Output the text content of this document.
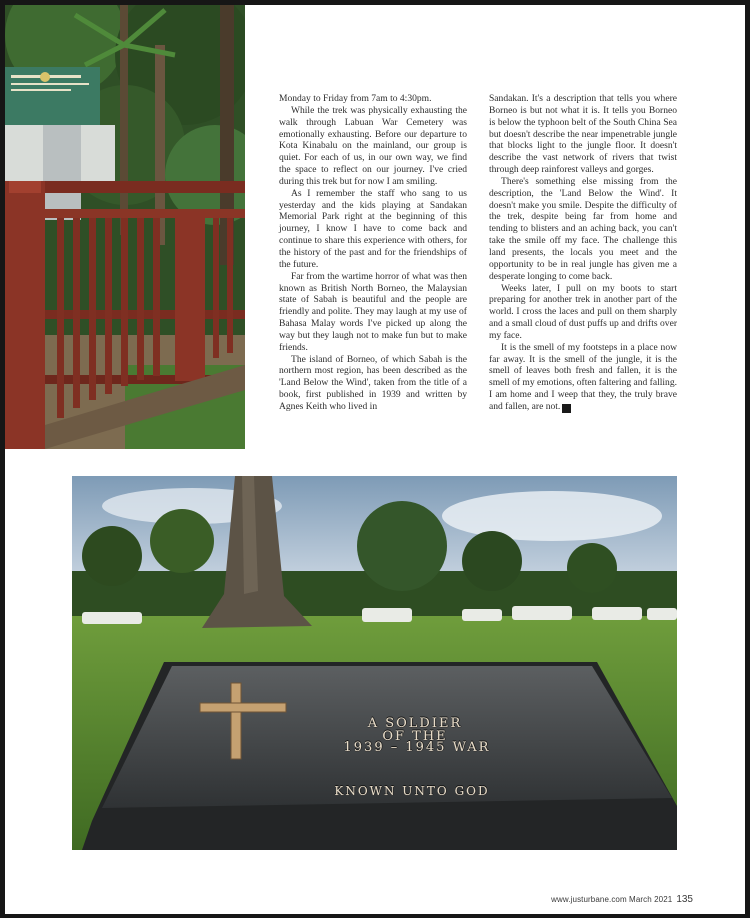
Monday to Friday from 7am to 4:30pm.

While the trek was physically exhausting the walk through Labuan War Cemetery was emotionally exhausting. Before our departure to Kota Kinabalu on the mainland, our group is quiet. For each of us, in our own way, we find the space to reflect on our journey. I've cried during this trek but for now I am smiling.

As I remember the staff who sang to us yesterday and the kids playing at Sandakan Memorial Park right at the beginning of this journey, I know I have to come back and continue to share this experience with others, for the history of the past and for the friendships of the future.

Far from the wartime horror of what was then known as British North Borneo, the Malaysian state of Sabah is beautiful and the people are friendly and polite. They may laugh at my use of Bahasa Malay words I've picked up along the way but they laugh not to make fun but to make friends.

The island of Borneo, of which Sabah is the northern most region, has been described as the 'Land Below the Wind', taken from the title of a book, first published in 1939 and written by Agnes Keith who lived in

Sandakan. It's a description that tells you where Borneo is but not what it is. It tells you Borneo is below the typhoon belt of the South China Sea but doesn't describe the near impenetrable jungle that blocks light to the jungle floor. It doesn't describe the vast network of rivers that twist through deep rainforest valleys and gorges.

There's something else missing from the description, the 'Land Below the Wind'. It doesn't make you smile. Despite the difficulty of the trek, despite being far from home and tending to blisters and an aching back, you can't take the smile off my face. The challenge this land presents, the locals you meet and the opportunity to be in real jungle has given me a desperate longing to come back.

Weeks later, I pull on my boots to start preparing for another trek in another part of the world. I cross the laces and pull on them sharply and a small cloud of dust puffs up and drifts over my face.

It is the smell of my footsteps in a place now far away. It is the smell of the jungle, it is the smell of leaves both fresh and fallen, it is the smell of my emotions, often faltering and falling. I am home and I weep that they, the truly brave and fallen, are not. U

A SOLDIER
OF THE
1939 – 1945 WAR
KNOWN UNTO GOD
www.justurbane.com March 2021 135
